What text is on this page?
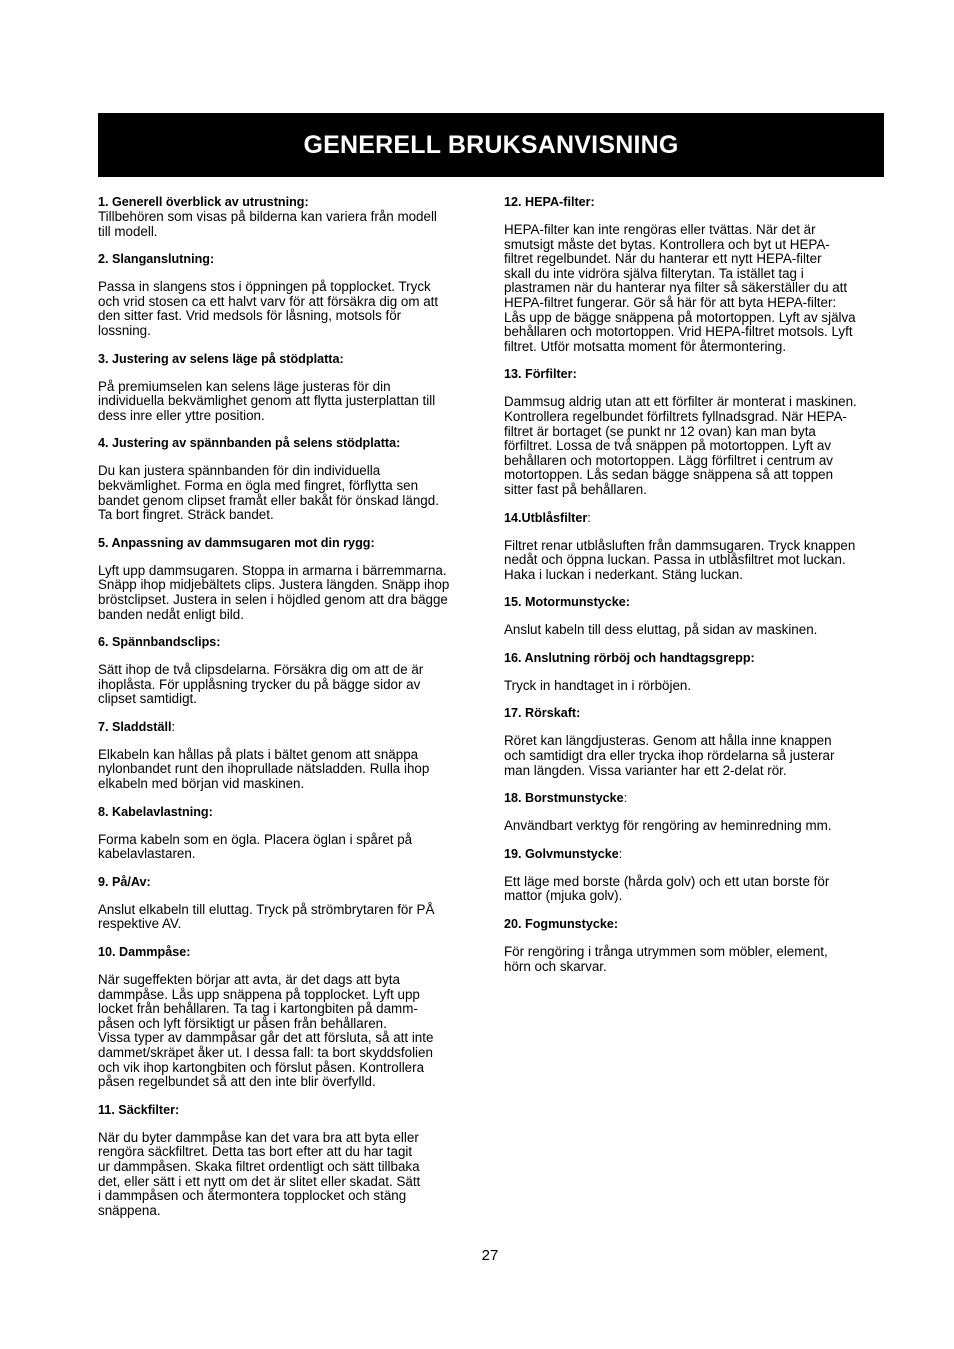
GENERELL BRUKSANVISNING
1. Generell överblick av utrustning:

Tillbehören som visas på bilderna kan variera från modell
till modell.

2. Slanganslutning:

Passa in slangens stos i öppningen på topplocket. Tryck
och vrid stosen ca ett halvt varv för att försäkra dig om att
den sitter fast. Vrid medsols för låsning, motsols för
lossning.

3. Justering av selens läge på stödplatta:

På premiumselen kan selens läge justeras för din
individuella bekvämlighet genom att flytta justerplattan till
dess inre eller yttre position.

4. Justering av spännbanden på selens stödplatta:

Du kan justera spännbanden för din individuella
bekvämlighet. Forma en ögla med fingret, förflytta sen
bandet genom clipset framåt eller bakåt för önskad längd.
Ta bort fingret. Sträck bandet.

5. Anpassning av dammsugaren mot din rygg:

Lyft upp dammsugaren. Stoppa in armarna i bärremmarna.
Snäpp ihop midjebältets clips. Justera längden. Snäpp ihop
bröstclipset. Justera in selen i höjdled genom att dra bägge
banden nedåt enligt bild.

6. Spännbandsclips:

Sätt ihop de två clipsdelarna. Försäkra dig om att de är
ihoplåsta. För upplåsning trycker du på bägge sidor av
clipset samtidigt.

7. Sladdställ:

Elkabeln kan hållas på plats i bältet genom att snäppa
nylonbandet runt den ihoprullade nätsladden. Rulla ihop
elkabeln med början vid maskinen.

8. Kabelavlastning:

Forma kabeln som en ögla. Placera öglan i spåret på
kabelavlastaren.

9. På/Av:

Anslut elkabeln till eluttag. Tryck på strömbrytaren för PÅ
respektive AV.

10. Dammpåse:

När sugeffekten börjar att avta, är det dags att byta
dammpåse. Lås upp snäppena på topplocket. Lyft upp
locket från behållaren. Ta tag i kartongbiten på damm-
påsen och lyft försiktigt ur påsen från behållaren.
Vissa typer av dammpåsar går det att försluta, så att inte
dammet/skräpet åker ut. I dessa fall: ta bort skyddsfolien
och vik ihop kartongbiten och förslut påsen. Kontrollera
påsen regelbundet så att den inte blir överfylld.

11. Säckfilter:

När du byter dammpåse kan det vara bra att byta eller
rengöra säckfiltret. Detta tas bort efter att du har tagit
ur dammpåsen. Skaka filtret ordentligt och sätt tillbaka
det, eller sätt i ett nytt om det är slitet eller skadat. Sätt
i dammpåsen och återmontera topplocket och stäng
snäppena.

12. HEPA-filter:

HEPA-filter kan inte rengöras eller tvättas. När det är
smutsigt måste det bytas. Kontrollera och byt ut HEPA-
filtret regelbundet. När du hanterar ett nytt HEPA-filter
skall du inte vidröra själva filterytan. Ta istället tag i
plastramen när du hanterar nya filter så säkerställer du att
HEPA-filtret fungerar. Gör så här för att byta HEPA-filter:
Lås upp de bägge snäppena på motortoppen. Lyft av själva
behållaren och motortoppen. Vrid HEPA-filtret motsols. Lyft
filtret. Utför motsatta moment för återmontering.

13. Förfilter:

Dammsug aldrig utan att ett förfilter är monterat i maskinen.
Kontrollera regelbundet förfiltrets fyllnadsgrad. När HEPA-
filtret är bortaget (se punkt nr 12 ovan) kan man byta
förfiltret. Lossa de två snäppen på motortoppen. Lyft av
behållaren och motortoppen. Lägg förfiltret i centrum av
motortoppen. Lås sedan bägge snäppena så att toppen
sitter fast på behållaren.

14.Utblåsfilter:

Filtret renar utblåsluften från dammsugaren. Tryck knappen
nedåt och öppna luckan. Passa in utblåsfiltret mot luckan.
Haka i luckan i nederkant. Stäng luckan.

15. Motormunstycke:

Anslut kabeln till dess eluttag, på sidan av maskinen.

16. Anslutning rörböj och handtagsgrepp:

Tryck in handtaget in i rörböjen.

17. Rörskaft:

Röret kan längdjusteras. Genom att hålla inne knappen
och samtidigt dra eller trycka ihop rördelarna så justerar
man längden. Vissa varianter har ett 2-delat rör.

18. Borstmunstycke:

Användbart verktyg för rengöring av heminredning mm.

19. Golvmunstycke:

Ett läge med borste (hårda golv) och ett utan borste för
mattor (mjuka golv).

20. Fogmunstycke:

För rengöring i trånga utrymmen som möbler, element,
hörn och skarvar.

27
